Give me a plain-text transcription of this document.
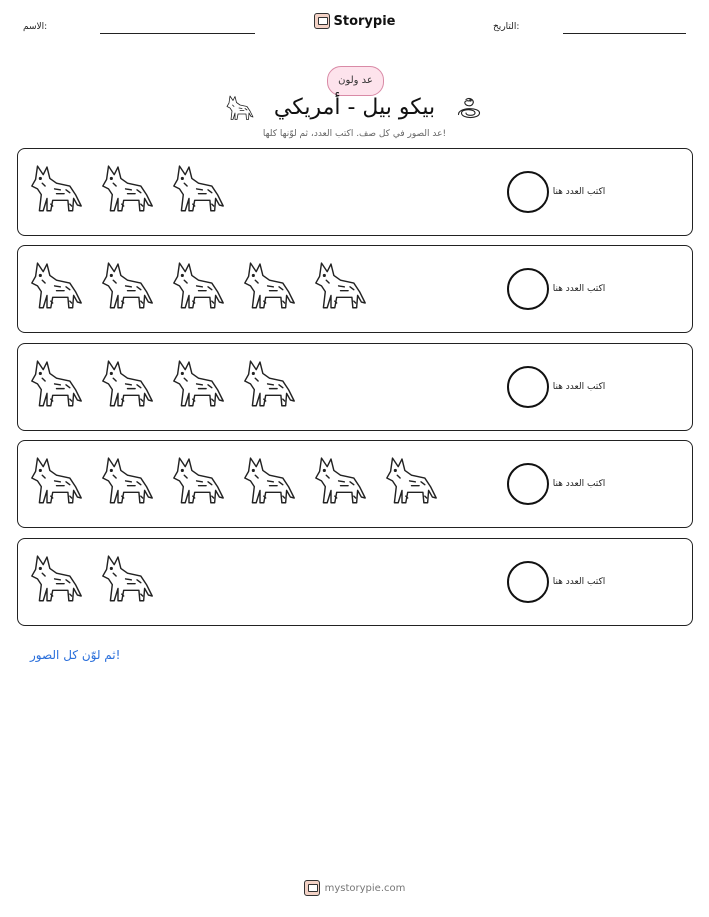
الاسم:	Storypie	التاريخ:
عد ولون
بيكو بيل - أمريكي
عد الصور في كل صف. اكتب العدد، ثم لوّنها كلها!
اكتب العدد هنا
اكتب العدد هنا
اكتب العدد هنا
اكتب العدد هنا
اكتب العدد هنا
ثم لوّن كل الصور!
mystorypie.com
